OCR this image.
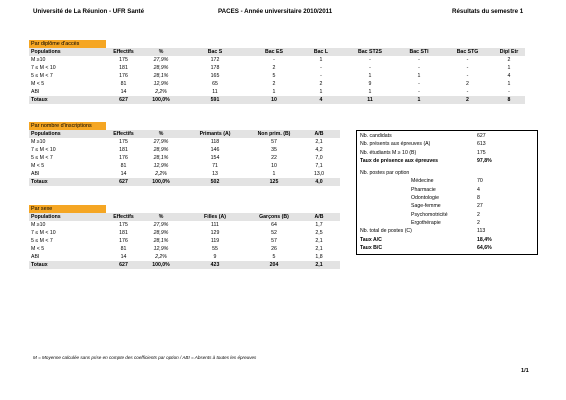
Université de La Réunion - UFR Santé	PACES - Année universitaire 2010/2011	Résultats du semestre 1
Par diplôme d'accès
Populations	Effectifs	%	Bac S	Bac ES	Bac L	Bac ST2S	Bac STI	Bac STG	Dipl Etr
M ≥10	175	27,9%	172	-	1	-	-	-	2
7 ≤ M < 10	181	28,9%	178	2	-	-	-	-	1
5 ≤ M < 7	176	28,1%	165	5	-	1	1	-	4
M < 5	81	12,9%	65	2	2	9	-	2	1
ABI	14	2,2%	11	1	1	1	-	-	-
Totaux	627	100,0%	591	10	4	11	1	2	8
Par nombre d'inscriptions
Populations	Effectifs	%	Primants (A)	Non prim. (B)	A/B
M ≥10	175	27,9%	118	57	2,1
7 ≤ M < 10	181	28,9%	146	35	4,2
5 ≤ M < 7	176	28,1%	154	22	7,0
M < 5	81	12,9%	71	10	7,1
ABI	14	2,2%	13	1	13,0
Totaux	627	100,0%	502	125	4,0
Par sexe
Populations	Effectifs	%	Filles (A)	Garçons (B)	A/B
M ≥10	175	27,9%	111	64	1,7
7 ≤ M < 10	181	28,9%	129	52	2,5
5 ≤ M < 7	176	28,1%	119	57	2,1
M < 5	81	12,9%	55	26	2,1
ABI	14	2,2%	9	5	1,8
Totaux	627	100,0%	423	204	2,1
Nb. candidats	627
Nb. présents aux épreuves (A)	613
Nb. étudiants M ≥ 10 (B)	175
Taux de présence aux épreuves	97,8%
Nb. postes par option
Médecine	70
Pharmacie	4
Odontologie	8
Sage-femme	27
Psychomotricité	2
Ergothérapie	2
Nb. total de postes (C)	113
Taux A/C	18,4%
Taux B/C	64,6%
M = Moyenne calculée sans prise en compte des coefficients par option / ABI = Absents à toutes les épreuves
1/1
